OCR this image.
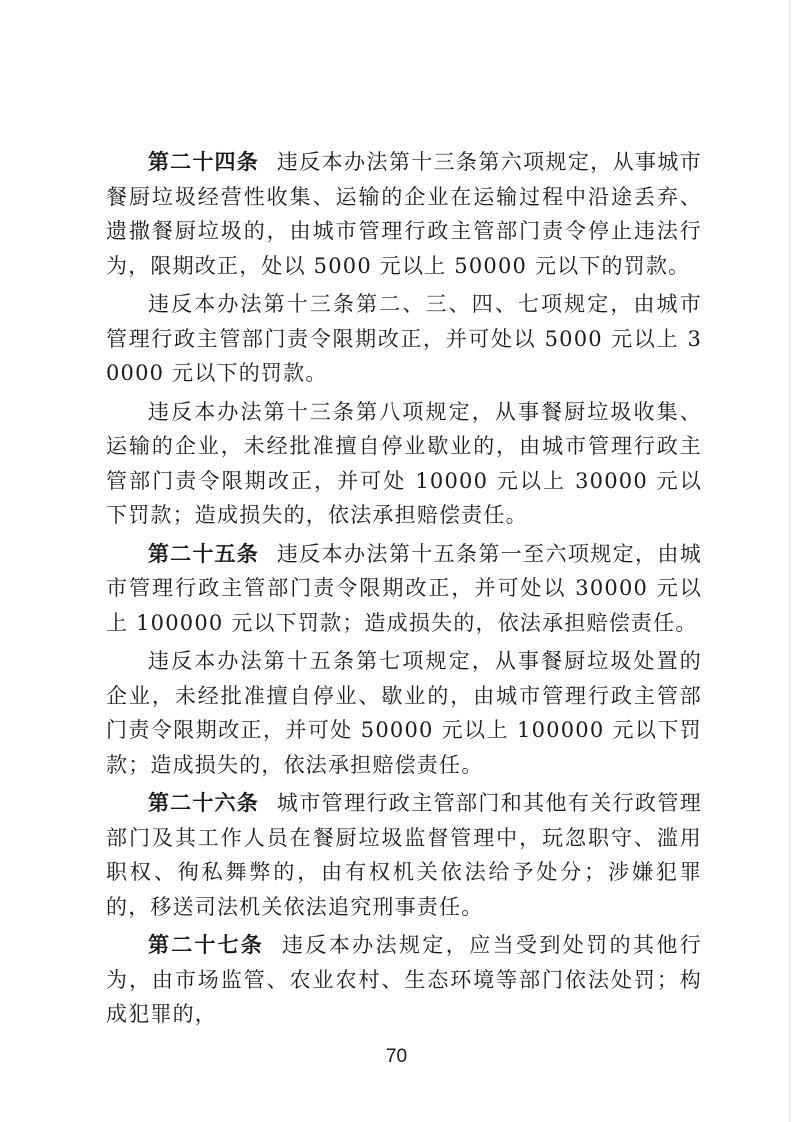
第二十四条 违反本办法第十三条第六项规定，从事城市餐厨垃圾经营性收集、运输的企业在运输过程中沿途丢弃、遗撒餐厨垃圾的，由城市管理行政主管部门责令停止违法行为，限期改正，处以 5000 元以上 50000 元以下的罚款。

违反本办法第十三条第二、三、四、七项规定，由城市管理行政主管部门责令限期改正，并可处以 5000 元以上 30000 元以下的罚款。

违反本办法第十三条第八项规定，从事餐厨垃圾收集、运输的企业，未经批准擅自停业歇业的，由城市管理行政主管部门责令限期改正，并可处 10000 元以上 30000 元以下罚款；造成损失的，依法承担赔偿责任。

第二十五条 违反本办法第十五条第一至六项规定，由城市管理行政主管部门责令限期改正，并可处以 30000 元以上 100000 元以下罚款；造成损失的，依法承担赔偿责任。

违反本办法第十五条第七项规定，从事餐厨垃圾处置的企业，未经批准擅自停业、歇业的，由城市管理行政主管部门责令限期改正，并可处 50000 元以上 100000 元以下罚款；造成损失的，依法承担赔偿责任。

第二十六条 城市管理行政主管部门和其他有关行政管理部门及其工作人员在餐厨垃圾监督管理中，玩忽职守、滥用职权、徇私舞弊的，由有权机关依法给予处分；涉嫌犯罪的，移送司法机关依法追究刑事责任。

第二十七条 违反本办法规定，应当受到处罚的其他行为，由市场监管、农业农村、生态环境等部门依法处罚；构成犯罪的，

70
